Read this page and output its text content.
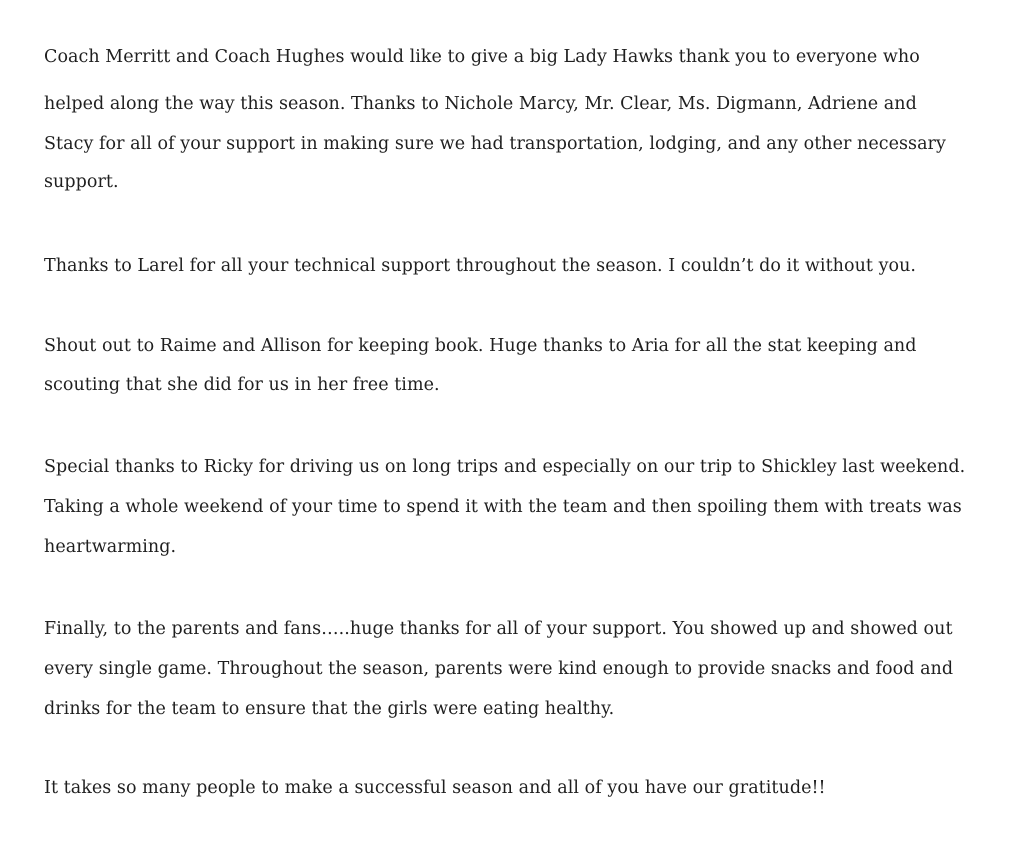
Coach Merritt and Coach Hughes would like to give a big Lady Hawks thank you to everyone who
helped along the way this season. Thanks to Nichole Marcy, Mr. Clear, Ms. Digmann, Adriene and
Stacy for all of your support in making sure we had transportation, lodging, and any other necessary
support.
Thanks to Larel for all your technical support throughout the season. I couldn’t do it without you.
Shout out to Raime and Allison for keeping book. Huge thanks to Aria for all the stat keeping and
scouting that she did for us in her free time.
Special thanks to Ricky for driving us on long trips and especially on our trip to Shickley last weekend.
Taking a whole weekend of your time to spend it with the team and then spoiling them with treats was
heartwarming.
Finally, to the parents and fans…..huge thanks for all of your support. You showed up and showed out
every single game. Throughout the season, parents were kind enough to provide snacks and food and
drinks for the team to ensure that the girls were eating healthy.
It takes so many people to make a successful season and all of you have our gratitude!!
